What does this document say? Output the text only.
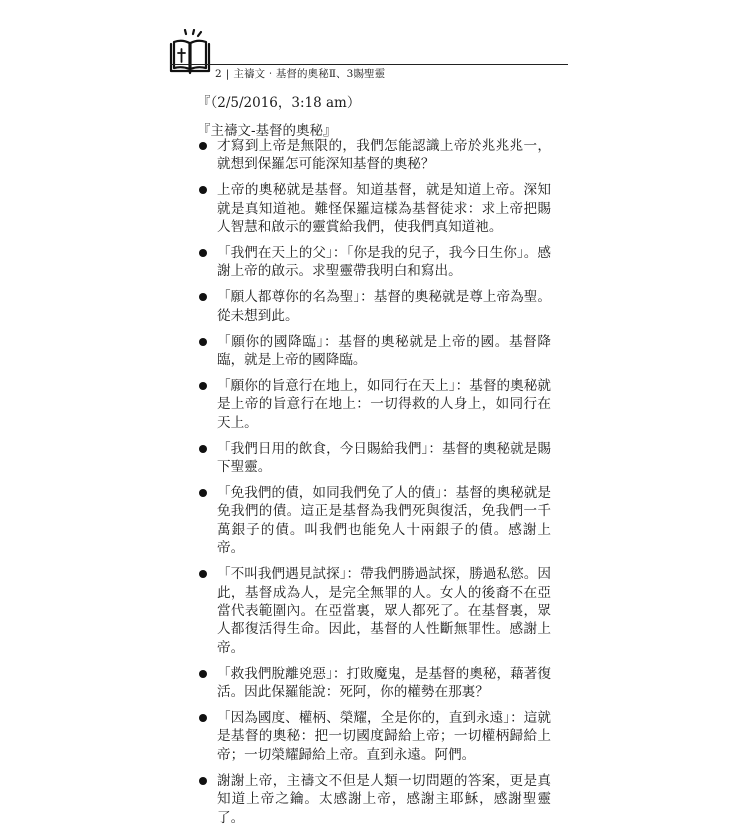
2 | 主禱文‧基督的奧秘Ⅱ、3賜聖靈
『（2/5/2016，3:18 am）
『主禱文-基督的奧秘』
才寫到上帝是無限的，我們怎能認識上帝於兆兆兆一，就想到保羅怎可能深知基督的奧秘？
上帝的奧秘就是基督。知道基督，就是知道上帝。深知就是真知道祂。難怪保羅這樣為基督徒求：求上帝把賜人智慧和啟示的靈賞給我們，使我們真知道祂。
「我們在天上的父」：「你是我的兒子，我今日生你」。感謝上帝的啟示。求聖靈帶我明白和寫出。
「願人都尊你的名為聖」：基督的奧秘就是尊上帝為聖。從未想到此。
「願你的國降臨」：基督的奧秘就是上帝的國。基督降臨，就是上帝的國降臨。
「願你的旨意行在地上，如同行在天上」：基督的奧秘就是上帝的旨意行在地上：一切得救的人身上，如同行在天上。
「我們日用的飲食，今日賜給我們」：基督的奧秘就是賜下聖靈。
「免我們的債，如同我們免了人的債」：基督的奧秘就是免我們的債。這正是基督為我們死與復活，免我們一千萬銀子的債。叫我們也能免人十兩銀子的債。感謝上帝。
「不叫我們遇見試探」：帶我們勝過試探，勝過私慾。因此，基督成為人，是完全無罪的人。女人的後裔不在亞當代表範圍內。在亞當裏，眾人都死了。在基督裏，眾人都復活得生命。因此，基督的人性斷無罪性。感謝上帝。
「救我們脫離兇惡」：打敗魔鬼，是基督的奧秘，藉著復活。因此保羅能說：死阿，你的權勢在那裏？
「因為國度、權柄、榮耀，全是你的，直到永遠」：這就是基督的奧秘：把一切國度歸給上帝；一切權柄歸給上帝；一切榮耀歸給上帝。直到永遠。阿們。
謝謝上帝，主禱文不但是人類一切問題的答案，更是真知道上帝之鑰。太感謝上帝，感謝主耶穌，感謝聖靈了。
